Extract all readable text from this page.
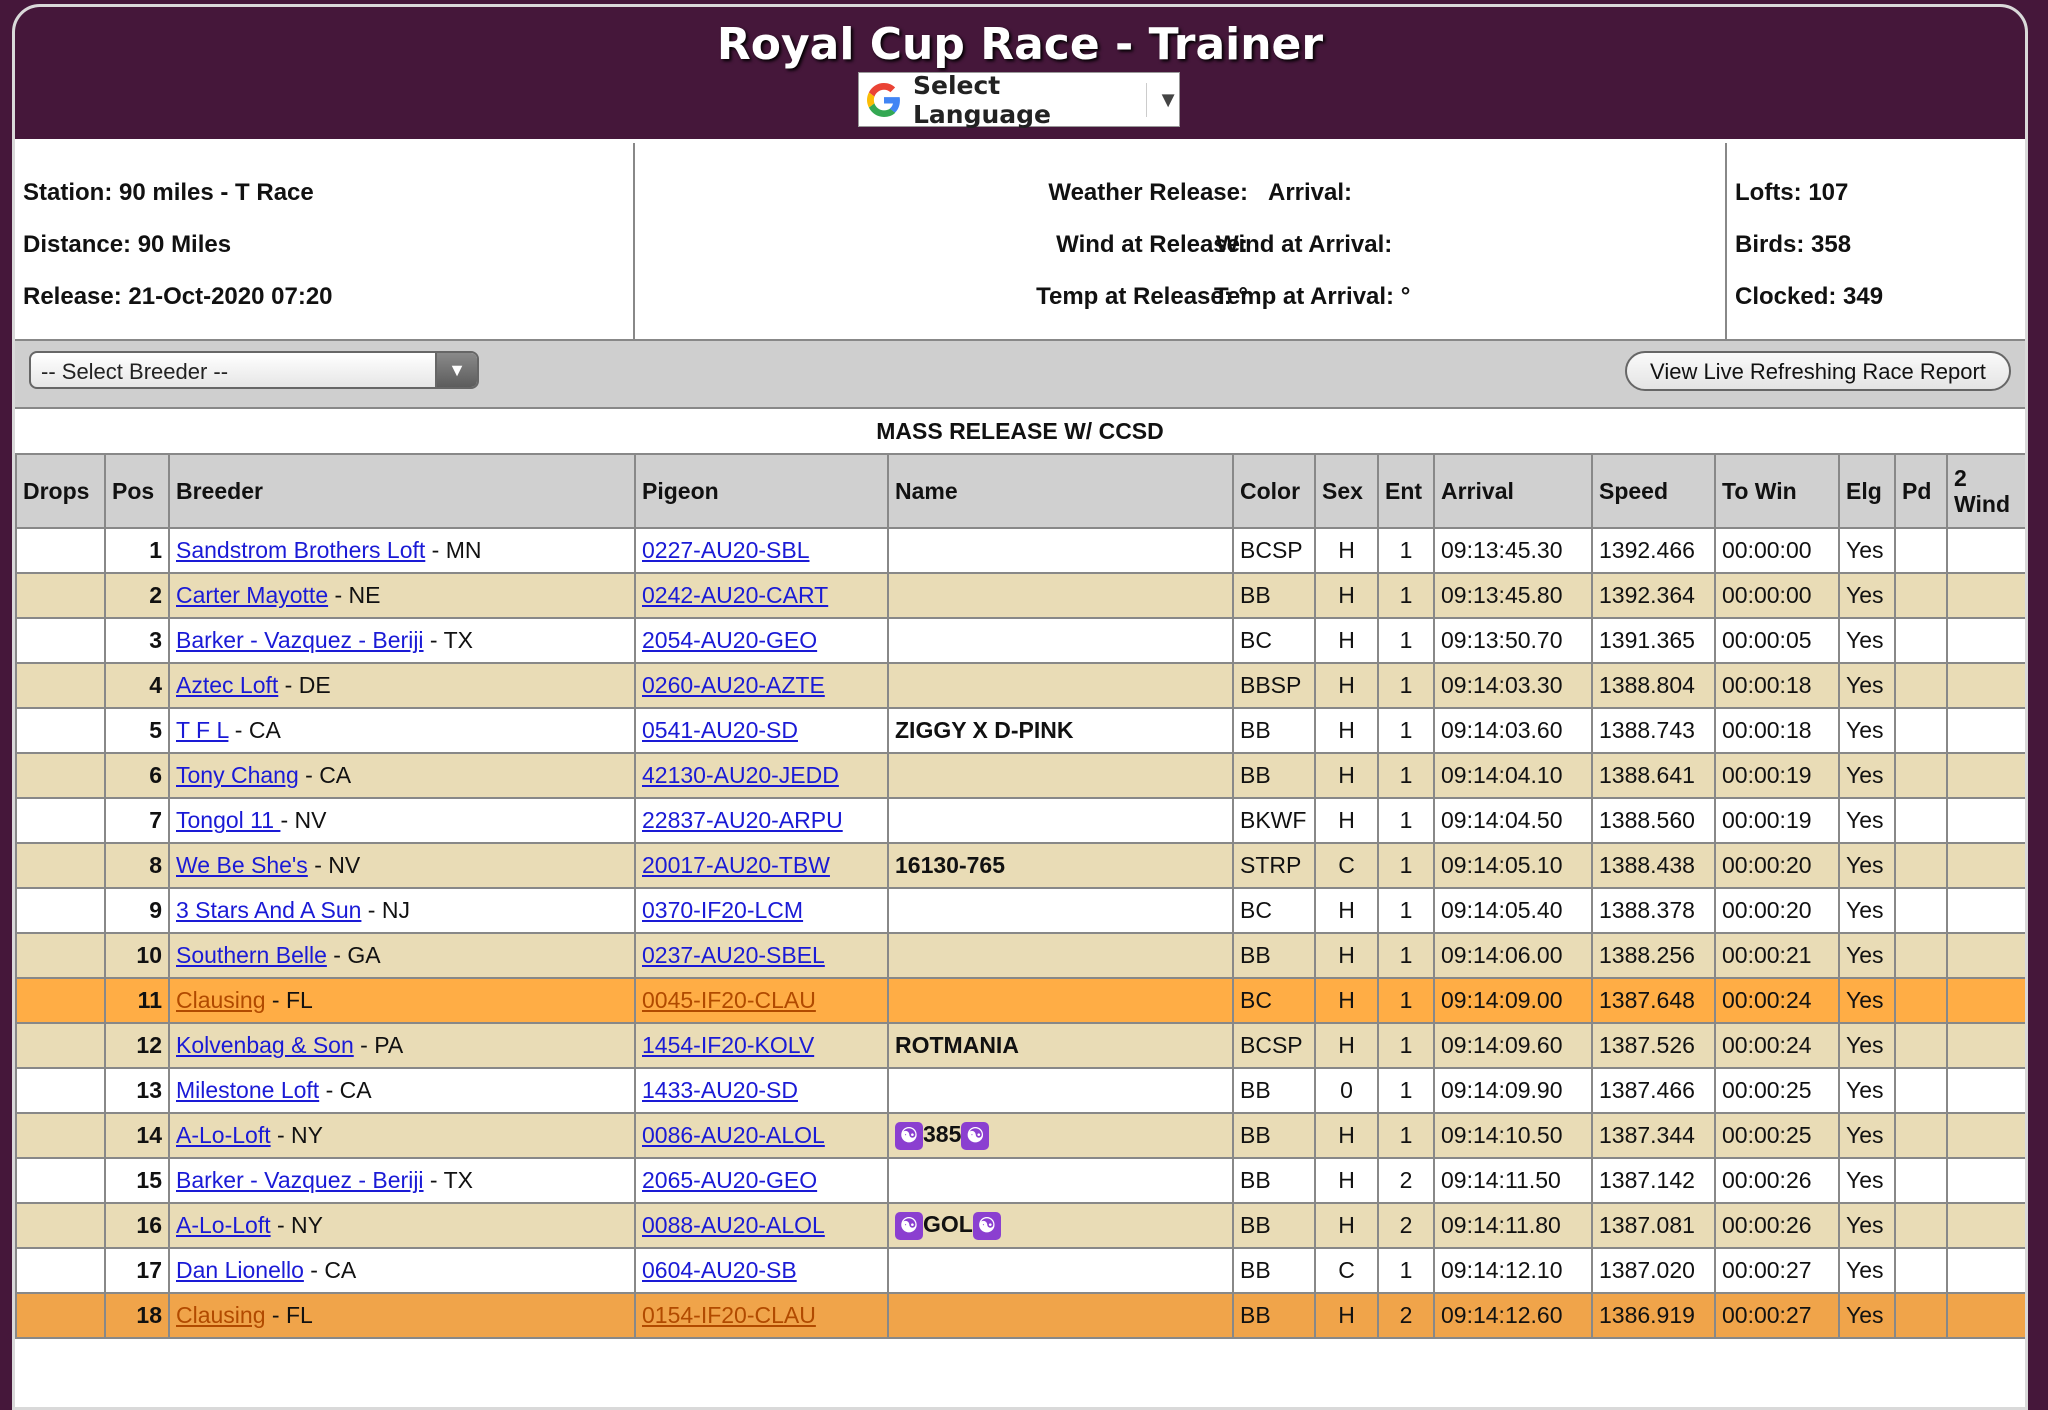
Royal Cup Race - Trainer
Select Language
▼
Station: 90 miles - T Race
Distance: 90 Miles
Release: 21-Oct-2020 07:20
Weather Release: Arrival:
Wind at Release:
Wind at Arrival:
Temp at Release: °
Temp at Arrival: °
Lofts: 107
Birds: 358
Clocked: 349
-- Select Breeder --	▼	View Live Refreshing Race Report
MASS RELEASE W/ CCSD
Drops	Pos	Breeder	Pigeon	Name	Color	Sex	Ent	Arrival	Speed	To Win	Elg	Pd	2 Wind
	1	Sandstrom Brothers Loft - MN	0227-AU20-SBL		BCSP	H	1	09:13:45.30	1392.466	00:00:00	Yes		
	2	Carter Mayotte - NE	0242-AU20-CART		BB	H	1	09:13:45.80	1392.364	00:00:00	Yes		
	3	Barker - Vazquez - Beriji - TX	2054-AU20-GEO		BC	H	1	09:13:50.70	1391.365	00:00:05	Yes		
	4	Aztec Loft - DE	0260-AU20-AZTE		BBSP	H	1	09:14:03.30	1388.804	00:00:18	Yes		
	5	T F L - CA	0541-AU20-SD	ZIGGY X D-PINK	BB	H	1	09:14:03.60	1388.743	00:00:18	Yes		
	6	Tony Chang - CA	42130-AU20-JEDD		BB	H	1	09:14:04.10	1388.641	00:00:19	Yes		
	7	Tongol 11 - NV	22837-AU20-ARPU		BKWF	H	1	09:14:04.50	1388.560	00:00:19	Yes		
	8	We Be She's - NV	20017-AU20-TBW	16130-765	STRP	C	1	09:14:05.10	1388.438	00:00:20	Yes		
	9	3 Stars And A Sun - NJ	0370-IF20-LCM		BC	H	1	09:14:05.40	1388.378	00:00:20	Yes		
	10	Southern Belle - GA	0237-AU20-SBEL		BB	H	1	09:14:06.00	1388.256	00:00:21	Yes		
	11	Clausing - FL	0045-IF20-CLAU		BC	H	1	09:14:09.00	1387.648	00:00:24	Yes		
	12	Kolvenbag & Son - PA	1454-IF20-KOLV	ROTMANIA	BCSP	H	1	09:14:09.60	1387.526	00:00:24	Yes		
	13	Milestone Loft - CA	1433-AU20-SD		BB	0	1	09:14:09.90	1387.466	00:00:25	Yes		
	14	A-Lo-Loft - NY	0086-AU20-ALOL	☯ 385 ☯	BB	H	1	09:14:10.50	1387.344	00:00:25	Yes		
	15	Barker - Vazquez - Beriji - TX	2065-AU20-GEO		BB	H	2	09:14:11.50	1387.142	00:00:26	Yes		
	16	A-Lo-Loft - NY	0088-AU20-ALOL	☯ GOL ☯	BB	H	2	09:14:11.80	1387.081	00:00:26	Yes		
	17	Dan Lionello - CA	0604-AU20-SB		BB	C	1	09:14:12.10	1387.020	00:00:27	Yes		
	18	Clausing - FL	0154-IF20-CLAU		BB	H	2	09:14:12.60	1386.919	00:00:27	Yes		
